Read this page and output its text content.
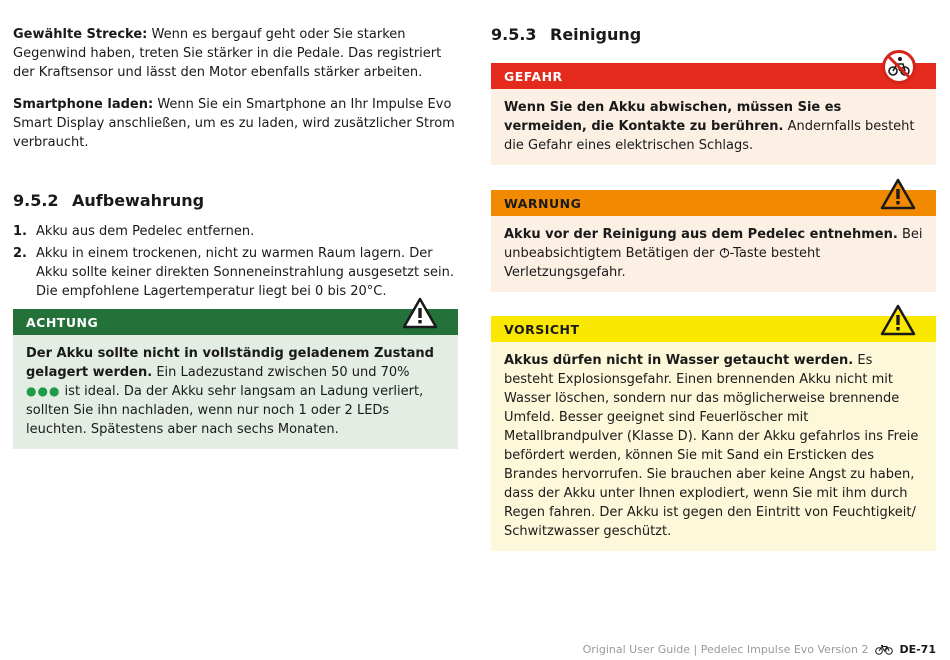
Gewählte Strecke: Wenn es bergauf geht oder Sie starken Gegenwind haben, treten Sie stärker in die Pedale. Das registriert der Kraftsensor und lässt den Motor ebenfalls stärker arbeiten.

Smartphone laden: Wenn Sie ein Smartphone an Ihr Impulse Evo Smart Display anschließen, um es zu laden, wird zusätzlicher Strom verbraucht.

9.5.2 Aufbewahrung
1. Akku aus dem Pedelec entfernen.
2. Akku in einem trockenen, nicht zu warmen Raum lagern. Der Akku sollte keiner direkten Sonneneinstrahlung ausgesetzt sein. Die empfohlene Lagertemperatur liegt bei 0 bis 20°C.
ACHTUNG
Der Akku sollte nicht in vollständig geladenem Zustand gelagert werden. Ein Ladezustand zwischen 50 und 70% ●●● ist ideal. Da der Akku sehr langsam an Ladung verliert, sollten Sie ihn nachladen, wenn nur noch 1 oder 2 LEDs leuchten. Spätestens aber nach sechs Monaten.
9.5.3 Reinigung
GEFAHR
Wenn Sie den Akku abwischen, müssen Sie es vermeiden, die Kontakte zu berühren. Andernfalls besteht die Gefahr eines elektrischen Schlags.
WARNUNG
Akku vor der Reinigung aus dem Pedelec entnehmen. Bei unbeabsichtigtem Betätigen der -Taste besteht Verletzungsgefahr.
VORSICHT
Akkus dürfen nicht in Wasser getaucht werden. Es besteht Explosionsgefahr. Einen brennenden Akku nicht mit Wasser löschen, sondern nur das möglicherweise brennende Umfeld. Besser geeignet sind Feuerlöscher mit Metallbrandpulver (Klasse D). Kann der Akku gefahrlos ins Freie befördert werden, können Sie mit Sand ein Ersticken des Brandes hervorrufen. Sie brauchen aber keine Angst zu haben, dass der Akku unter Ihnen explodiert, wenn Sie mit ihm durch Regen fahren. Der Akku ist gegen den Eintritt von Feuchtigkeit/ Schwitzwasser geschützt.
Original User Guide | Pedelec Impulse Evo Version 2	DE-71
